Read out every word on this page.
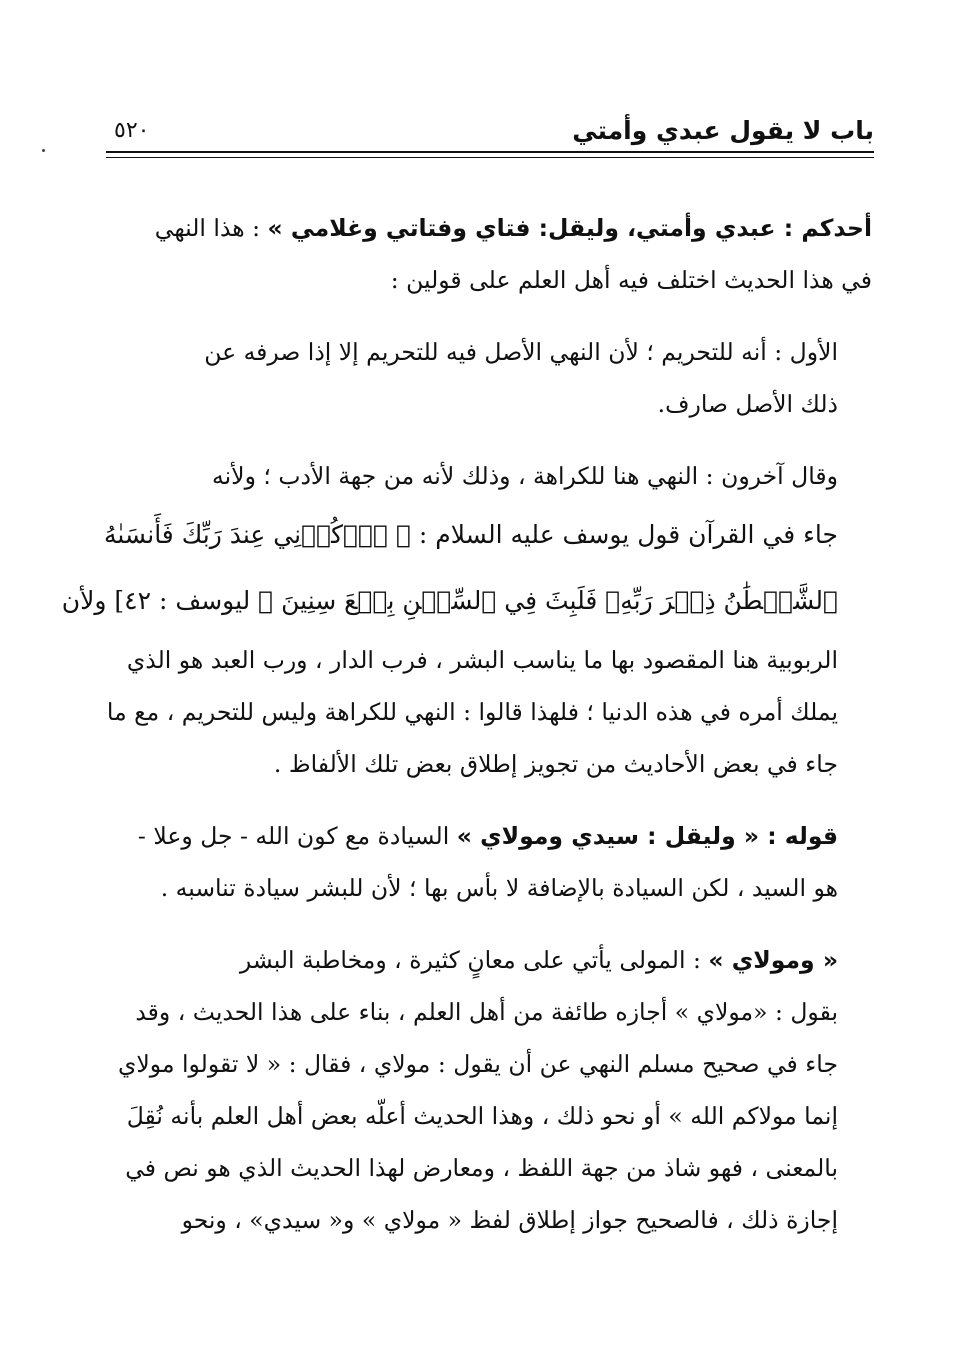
باب لا يقول عبدي وأمتي
٥٢٠

أحدكم : عبدي وأمتي، وليقل: فتاي وفتاتي وغلامي » : هذا النهي
في هذا الحديث اختلف فيه أهل العلم على قولين :

الأول : أنه للتحريم ؛ لأن النهي الأصل فيه للتحريم إلا إذا صرفه عن
ذلك الأصل صارف.

وقال آخرون : النهي هنا للكراهة ، وذلك لأنه من جهة الأدب ؛ ولأنه
جاء في القرآن قول يوسف عليه السلام : ﴿ ٱذۡكُرۡنِي عِندَ رَبِّكَ فَأَنسَىٰهُ
ٱلشَّيۡطَٰنُ ذِكۡرَ رَبِّهِۦ فَلَبِثَ فِي ٱلسِّجۡنِ بِضۡعَ سِنِينَ ﴾ ليوسف : ٤٢] ولأن
الربوبية هنا المقصود بها ما يناسب البشر ، فرب الدار ، ورب العبد هو الذي
يملك أمره في هذه الدنيا ؛ فلهذا قالوا : النهي للكراهة وليس للتحريم ، مع ما
جاء في بعض الأحاديث من تجويز إطلاق بعض تلك الألفاظ .

قوله : « وليقل : سيدي ومولاي » السيادة مع كون الله - جل وعلا -
هو السيد ، لكن السيادة بالإضافة لا بأس بها ؛ لأن للبشر سيادة تناسبه .

« ومولاي » : المولى يأتي على معانٍ كثيرة ، ومخاطبة البشر
بقول : «مولاي » أجازه طائفة من أهل العلم ، بناء على هذا الحديث ، وقد
جاء في صحيح مسلم النهي عن أن يقول : مولاي ، فقال : « لا تقولوا مولاي
إنما مولاكم الله » أو نحو ذلك ، وهذا الحديث أعلّه بعض أهل العلم بأنه نُقِلَ
بالمعنى ، فهو شاذ من جهة اللفظ ، ومعارض لهذا الحديث الذي هو نص في
إجازة ذلك ، فالصحيح جواز إطلاق لفظ « مولاي » و« سيدي» ، ونحو
